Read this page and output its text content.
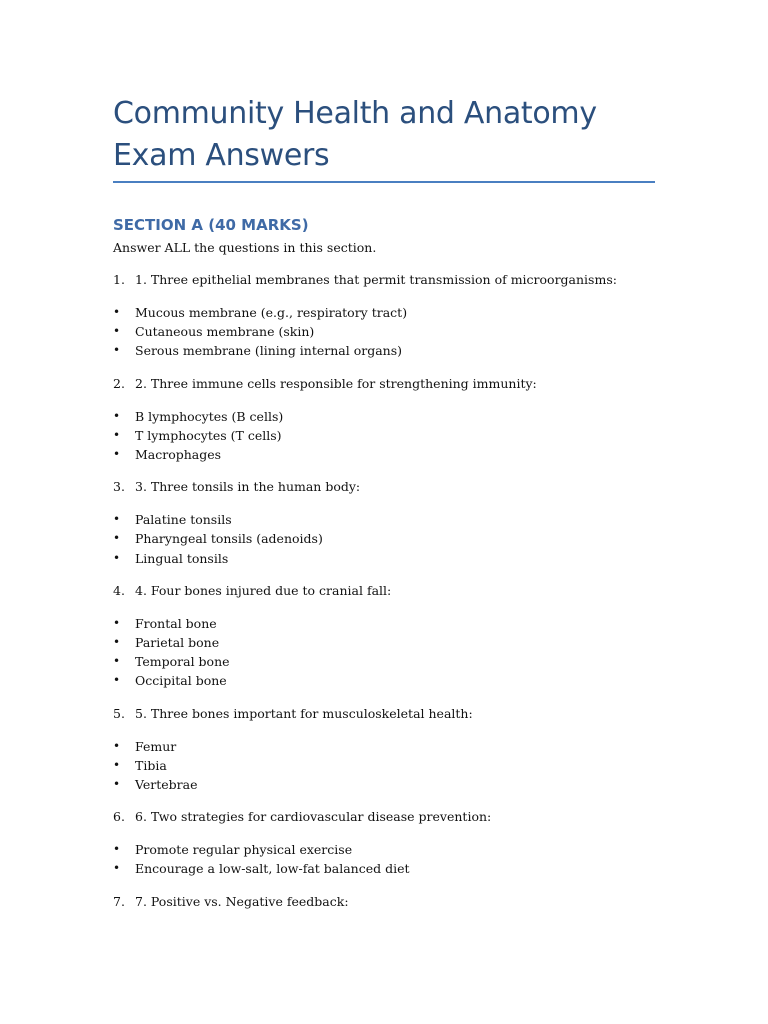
Community Health and Anatomy Exam Answers
SECTION A (40 MARKS)
Answer ALL the questions in this section.
1. 1. Three epithelial membranes that permit transmission of microorganisms:
•	Mucous membrane (e.g., respiratory tract)
•	Cutaneous membrane (skin)
•	Serous membrane (lining internal organs)
2. 2. Three immune cells responsible for strengthening immunity:
•	B lymphocytes (B cells)
•	T lymphocytes (T cells)
•	Macrophages
3. 3. Three tonsils in the human body:
•	Palatine tonsils
•	Pharyngeal tonsils (adenoids)
•	Lingual tonsils
4. 4. Four bones injured due to cranial fall:
•	Frontal bone
•	Parietal bone
•	Temporal bone
•	Occipital bone
5. 5. Three bones important for musculoskeletal health:
•	Femur
•	Tibia
•	Vertebrae
6. 6. Two strategies for cardiovascular disease prevention:
•	Promote regular physical exercise
•	Encourage a low-salt, low-fat balanced diet
7. 7. Positive vs. Negative feedback:
